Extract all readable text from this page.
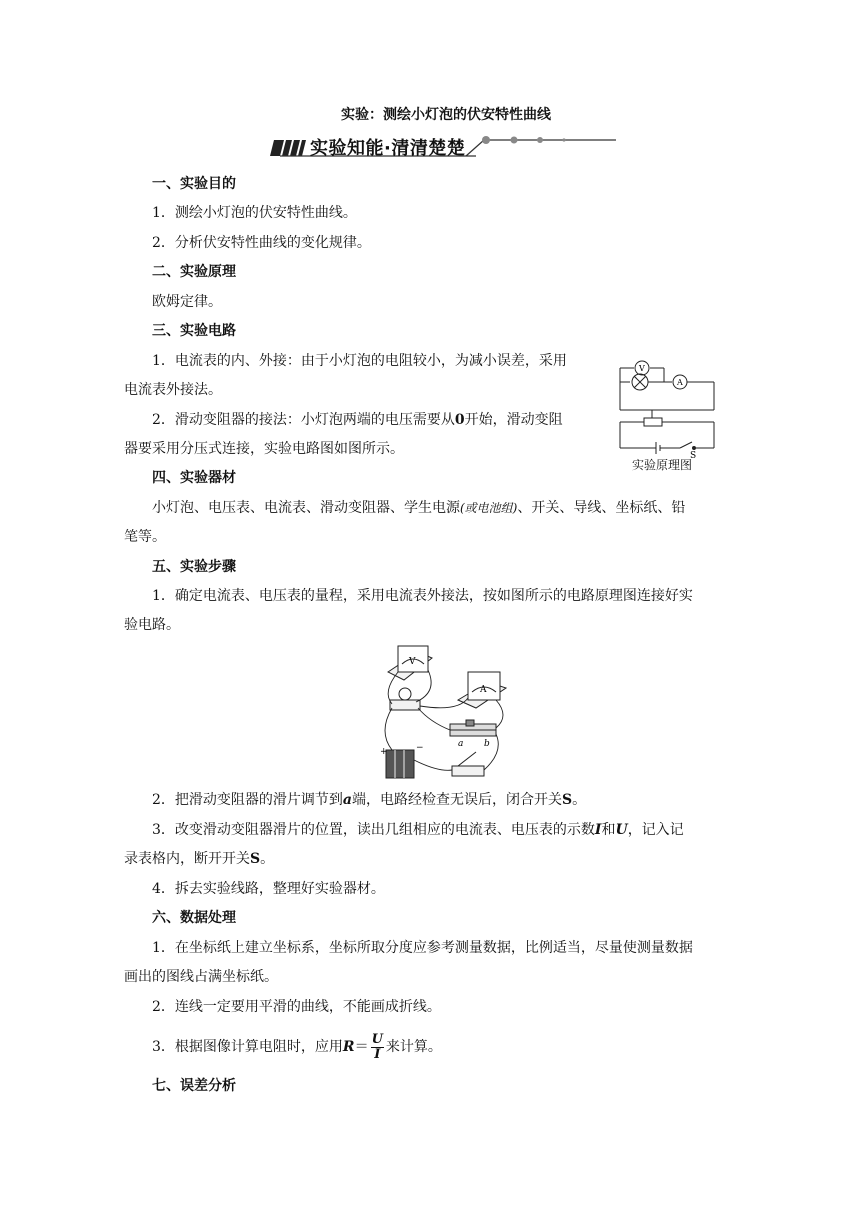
实验：测绘小灯泡的伏安特性曲线
实验知能·清清楚楚
一、实验目的
1．测绘小灯泡的伏安特性曲线。
2．分析伏安特性曲线的变化规律。
二、实验原理
欧姆定律。
三、实验电路
1．电流表的内、外接：由于小灯泡的电阻较小，为减小误差，采用
电流表外接法。
2．滑动变阻器的接法：小灯泡两端的电压需要从0开始，滑动变阻
器要采用分压式连接，实验电路图如图所示。
V
A
S
实验原理图
四、实验器材
小灯泡、电压表、电流表、滑动变阻器、学生电源(或电池组)、开关、导线、坐标纸、铅
笔等。
五、实验步骤
1．确定电流表、电压表的量程，采用电流表外接法，按如图所示的电路原理图连接好实
验电路。
V
A
a b
+	−
2．把滑动变阻器的滑片调节到a端，电路经检查无误后，闭合开关S。
3．改变滑动变阻器滑片的位置，读出几组相应的电流表、电压表的示数I和U，记入记
录表格内，断开开关S。
4．拆去实验线路，整理好实验器材。
六、数据处理
1．在坐标纸上建立坐标系，坐标所取分度应参考测量数据，比例适当，尽量使测量数据
画出的图线占满坐标纸。
2．连线一定要用平滑的曲线，不能画成折线。
3．根据图像计算电阻时，应用$R= \frac{U}{I}$ 来计算。
七、误差分析
